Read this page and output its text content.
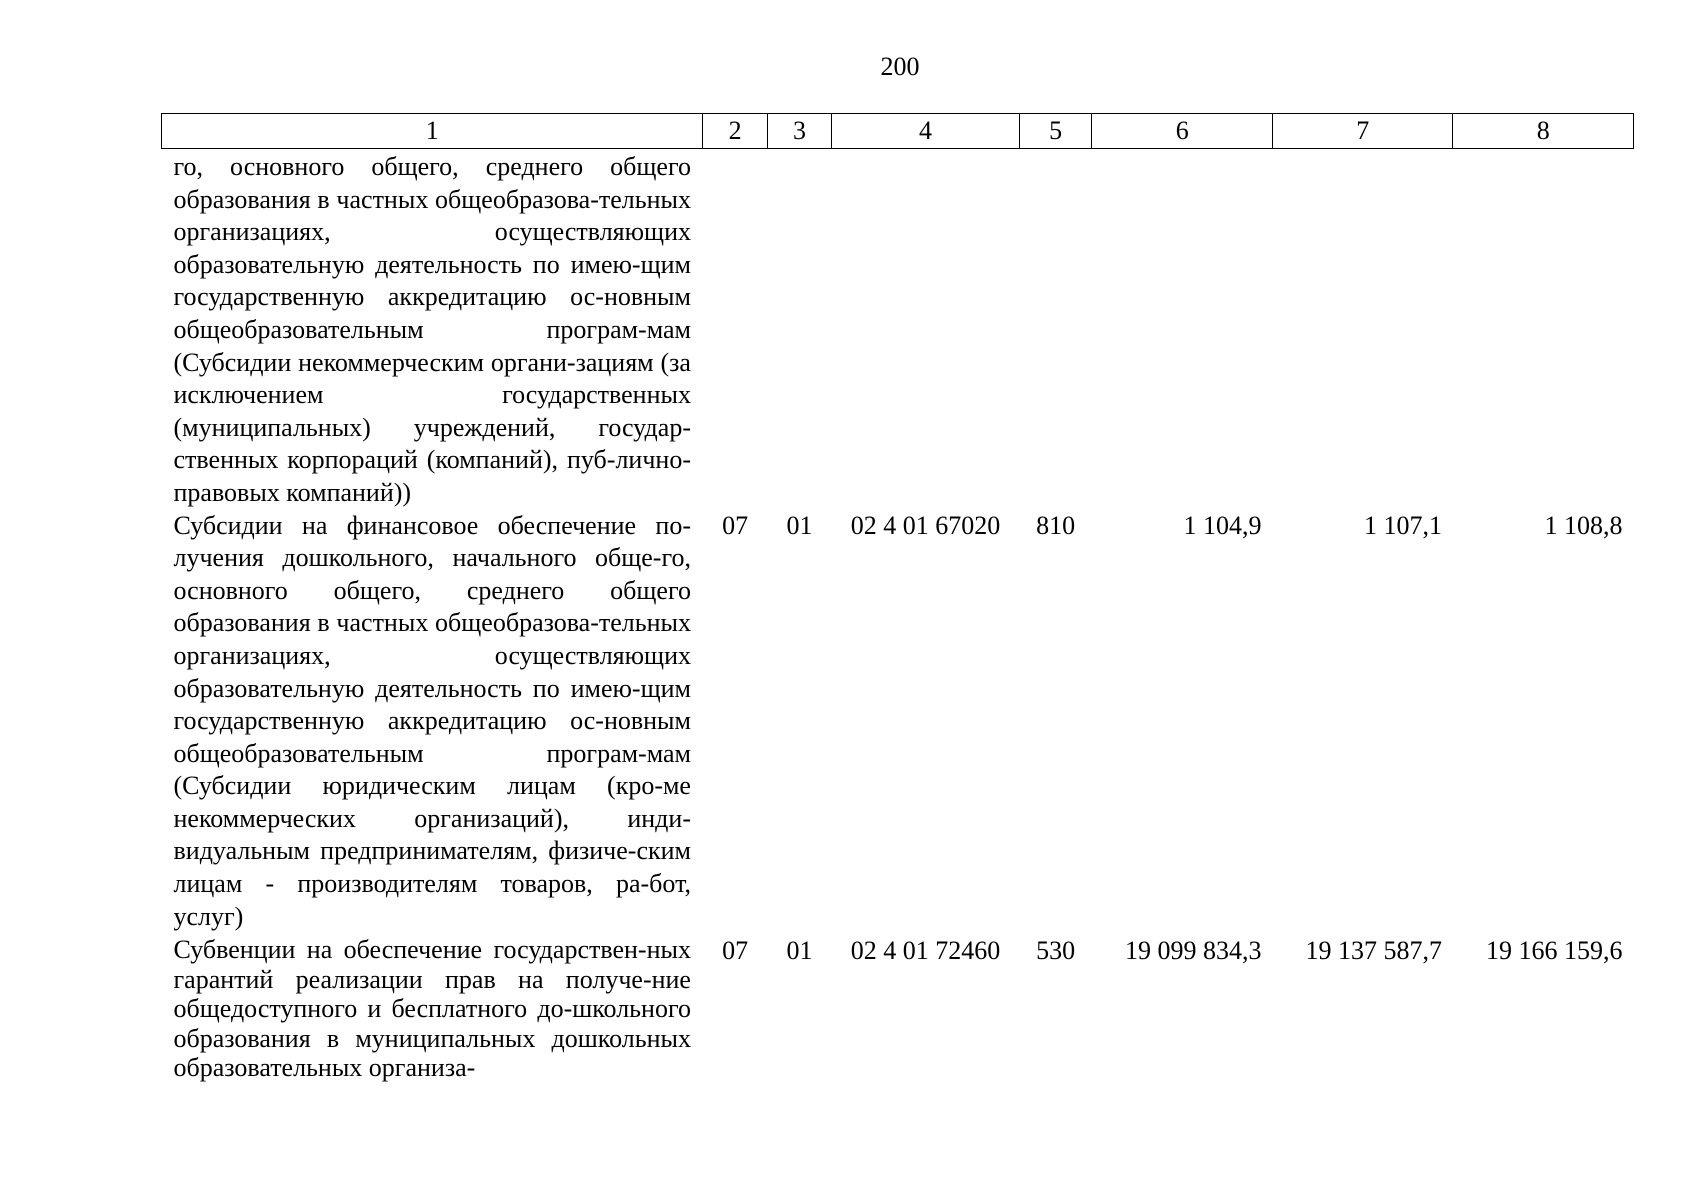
200
1	2	3	4	5	6	7	8
го, основного общего, среднего общего образования в частных общеобразова-тельных организациях, осуществляющих образовательную деятельность по имею-щим государственную аккредитацию ос-новным общеобразовательным програм-мам (Субсидии некоммерческим органи-зациям (за исключением государственных (муниципальных) учреждений, государ-ственных корпораций (компаний), пуб-лично-правовых компаний))							
Субсидии на финансовое обеспечение по-лучения дошкольного, начального обще-го, основного общего, среднего общего образования в частных общеобразова-тельных организациях, осуществляющих образовательную деятельность по имею-щим государственную аккредитацию ос-новным общеобразовательным програм-мам (Субсидии юридическим лицам (кро-ме некоммерческих организаций), инди-видуальным предпринимателям, физиче-ским лицам - производителям товаров, ра-бот, услуг)	07	01	02 4 01 67020	810	1 104,9	1 107,1	1 108,8
Субвенции на обеспечение государствен-ных гарантий реализации прав на получе-ние общедоступного и бесплатного до-школьного образования в муниципальных дошкольных образовательных организа-	07	01	02 4 01 72460	530	19 099 834,3	19 137 587,7	19 166 159,6
